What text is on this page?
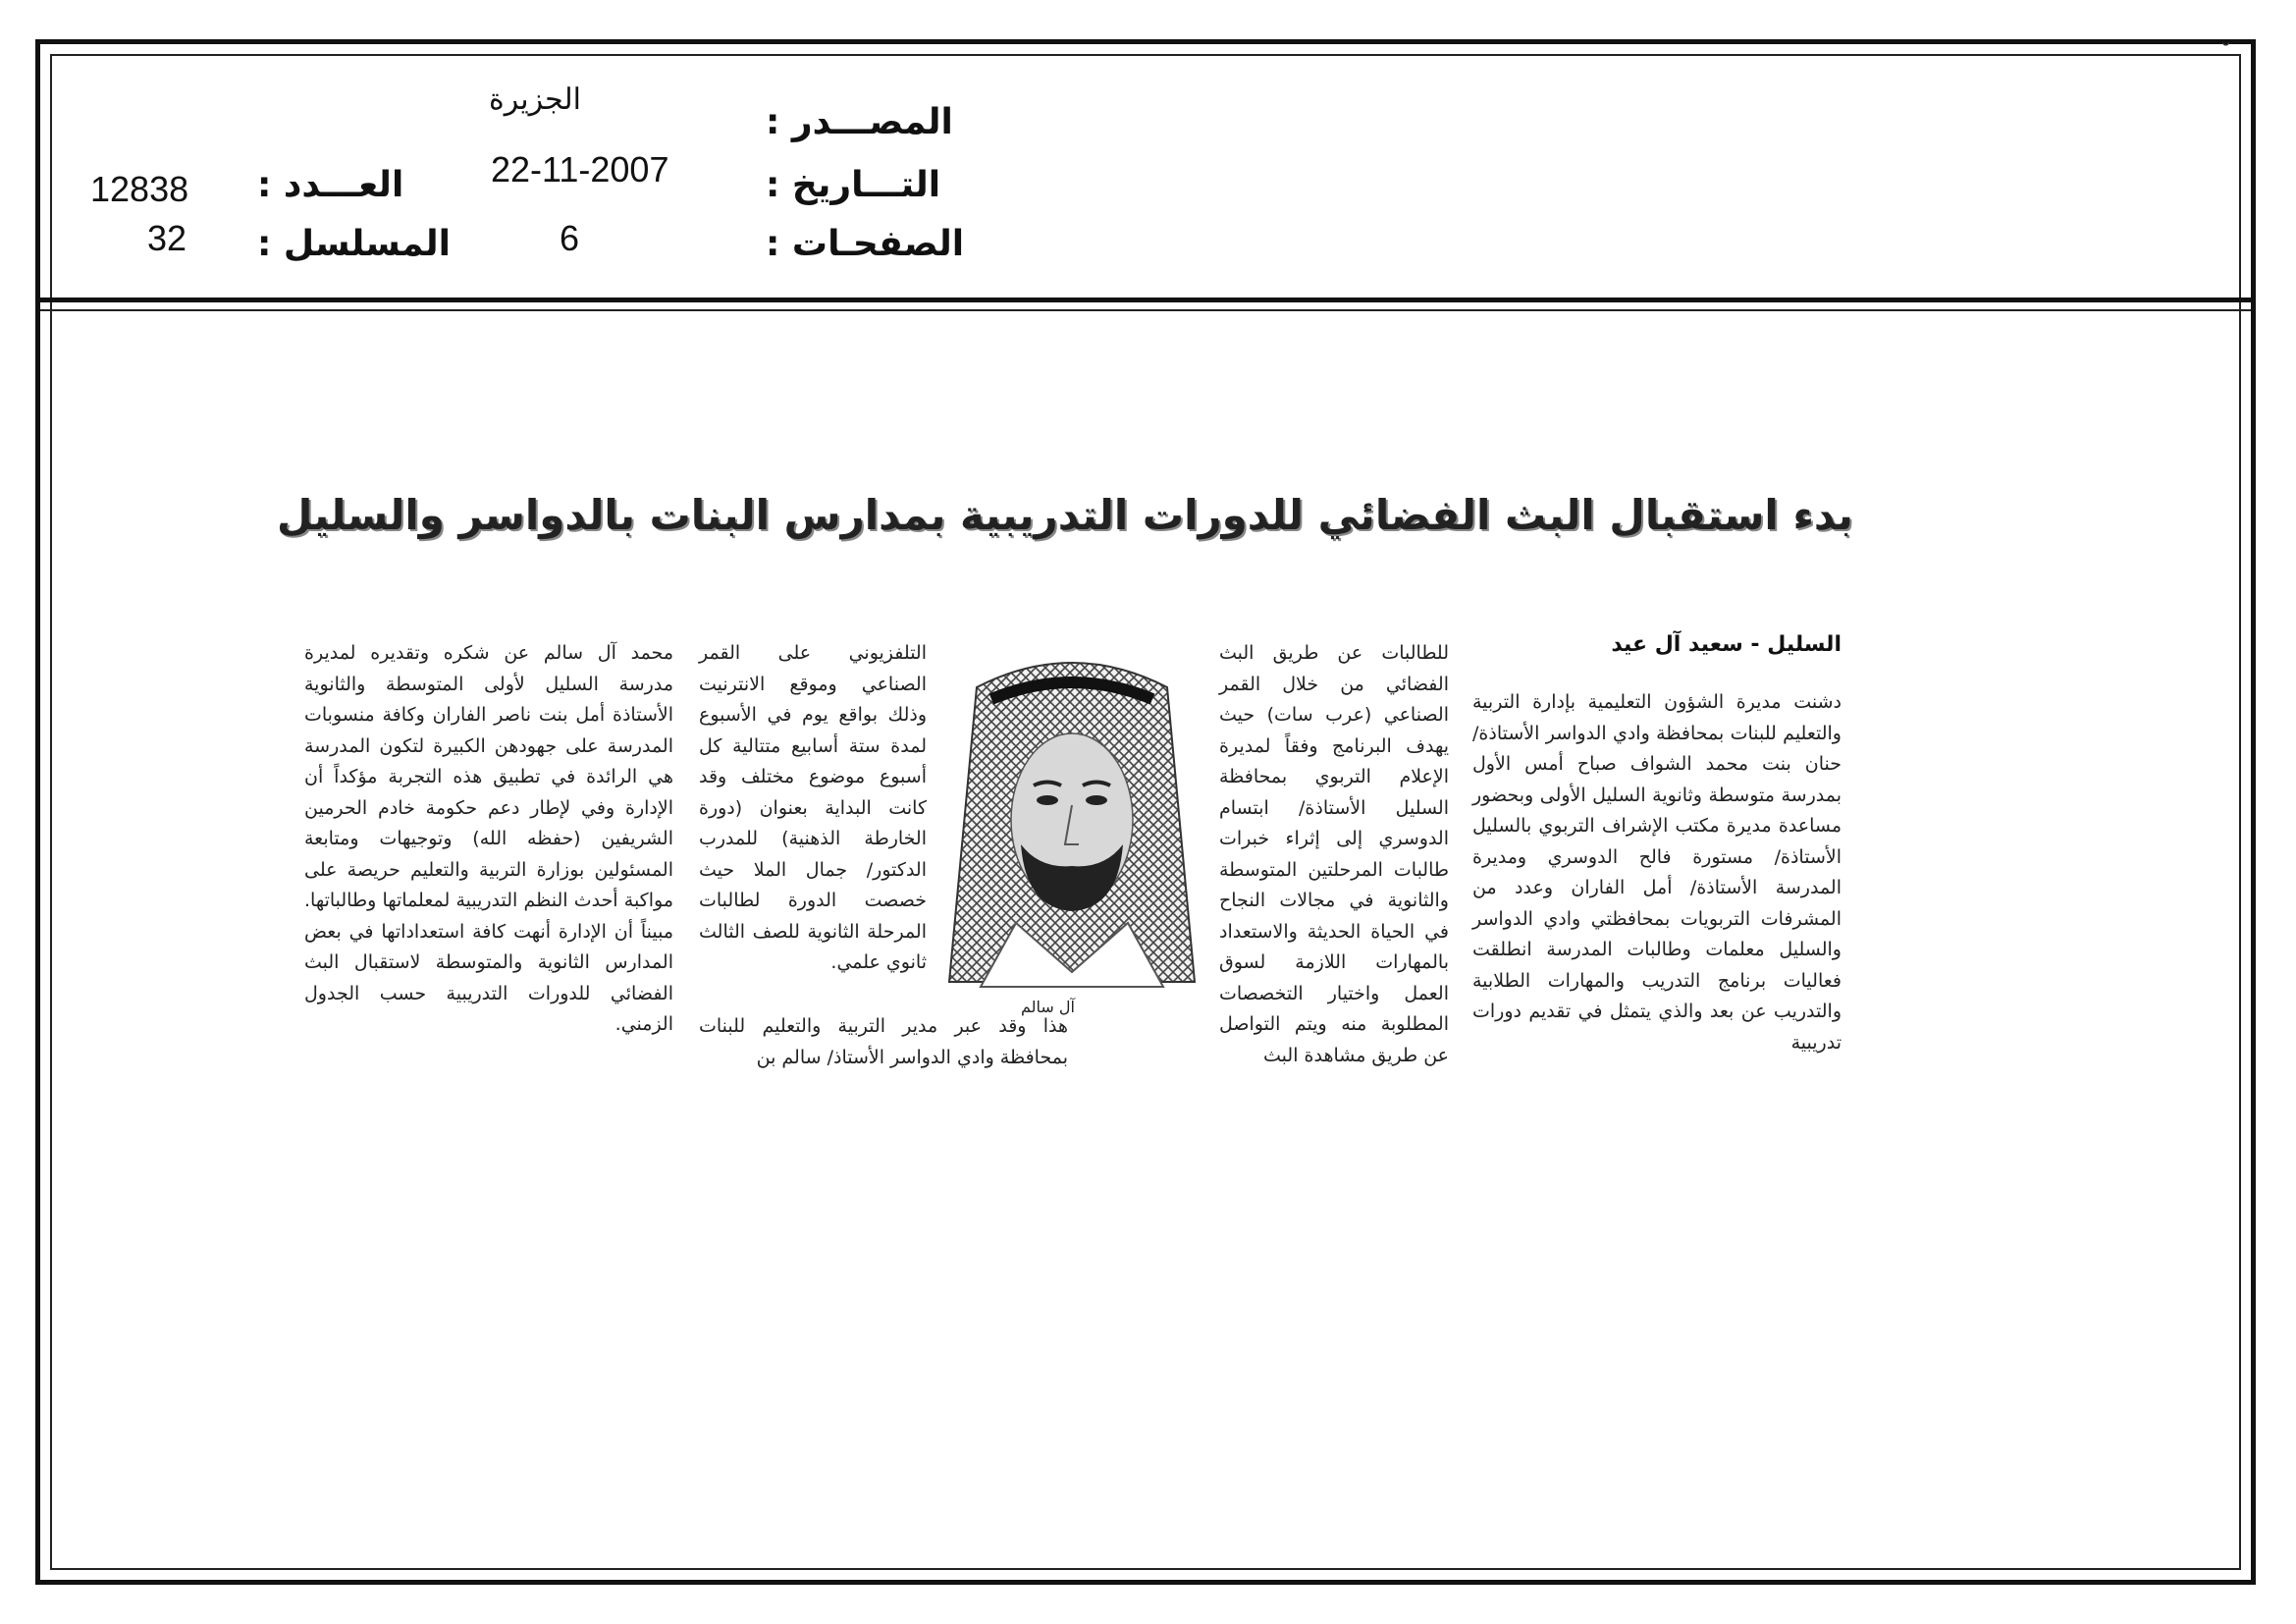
الجزيرة
المصـــدر :
22-11-2007	التـــاريخ :
6	الصفحـات :
12838 العـــدد :
32 المسلسل :
بدء استقبال البث الفضائي للدورات التدريبية بمدارس البنات بالدواسر والسليل
السليل - سعيد آل عيد
دشنت مديرة الشؤون التعليمية بإدارة التربية والتعليم للبنات بمحافظة وادي الدواسر الأستاذة/ حنان بنت محمد الشواف صباح أمس الأول بمدرسة متوسطة وثانوية السليل الأولى وبحضور مساعدة مديرة مكتب الإشراف التربوي بالسليل الأستاذة/ مستورة فالح الدوسري ومديرة المدرسة الأستاذة/ أمل الفاران وعدد من المشرفات التربويات بمحافظتي وادي الدواسر والسليل معلمات وطالبات المدرسة انطلقت فعاليات برنامج التدريب والمهارات الطلابية والتدريب عن بعد والذي يتمثل في تقديم دورات تدريبية
للطالبات عن طريق البث الفضائي من خلال القمر الصناعي (عرب سات) حيث يهدف البرنامج وفقاً لمديرة الإعلام التربوي بمحافظة السليل الأستاذة/ ابتسام الدوسري إلى إثراء خبرات طالبات المرحلتين المتوسطة والثانوية في مجالات النجاح في الحياة الحديثة والاستعداد بالمهارات اللازمة لسوق العمل واختيار التخصصات المطلوبة منه ويتم التواصل عن طريق مشاهدة البث
التلفزيوني على القمر الصناعي وموقع الانترنيت وذلك بواقع يوم في الأسبوع لمدة ستة أسابيع متتالية كل أسبوع موضوع مختلف وقد كانت البداية بعنوان (دورة الخارطة الذهنية) للمدرب الدكتور/ جمال الملا حيث خصصت الدورة لطالبات المرحلة الثانوية للصف الثالث ثانوي علمي.
هذا وقد عبر مدير التربية والتعليم للبنات بمحافظة وادي الدواسر الأستاذ/ سالم بن
محمد آل سالم عن شكره وتقديره لمديرة مدرسة السليل لأولى المتوسطة والثانوية الأستاذة أمل بنت ناصر الفاران وكافة منسوبات المدرسة على جهودهن الكبيرة لتكون المدرسة هي الرائدة في تطبيق هذه التجربة مؤكداً أن الإدارة وفي لإطار دعم حكومة خادم الحرمين الشريفين (حفظه الله) وتوجيهات ومتابعة المسئولين بوزارة التربية والتعليم حريصة على مواكبة أحدث النظم التدريبية لمعلماتها وطالباتها. مبيناً أن الإدارة أنهت كافة استعداداتها في بعض المدارس الثانوية والمتوسطة لاستقبال البث الفضائي للدورات التدريبية حسب الجدول الزمني.
آل سالم
˘
